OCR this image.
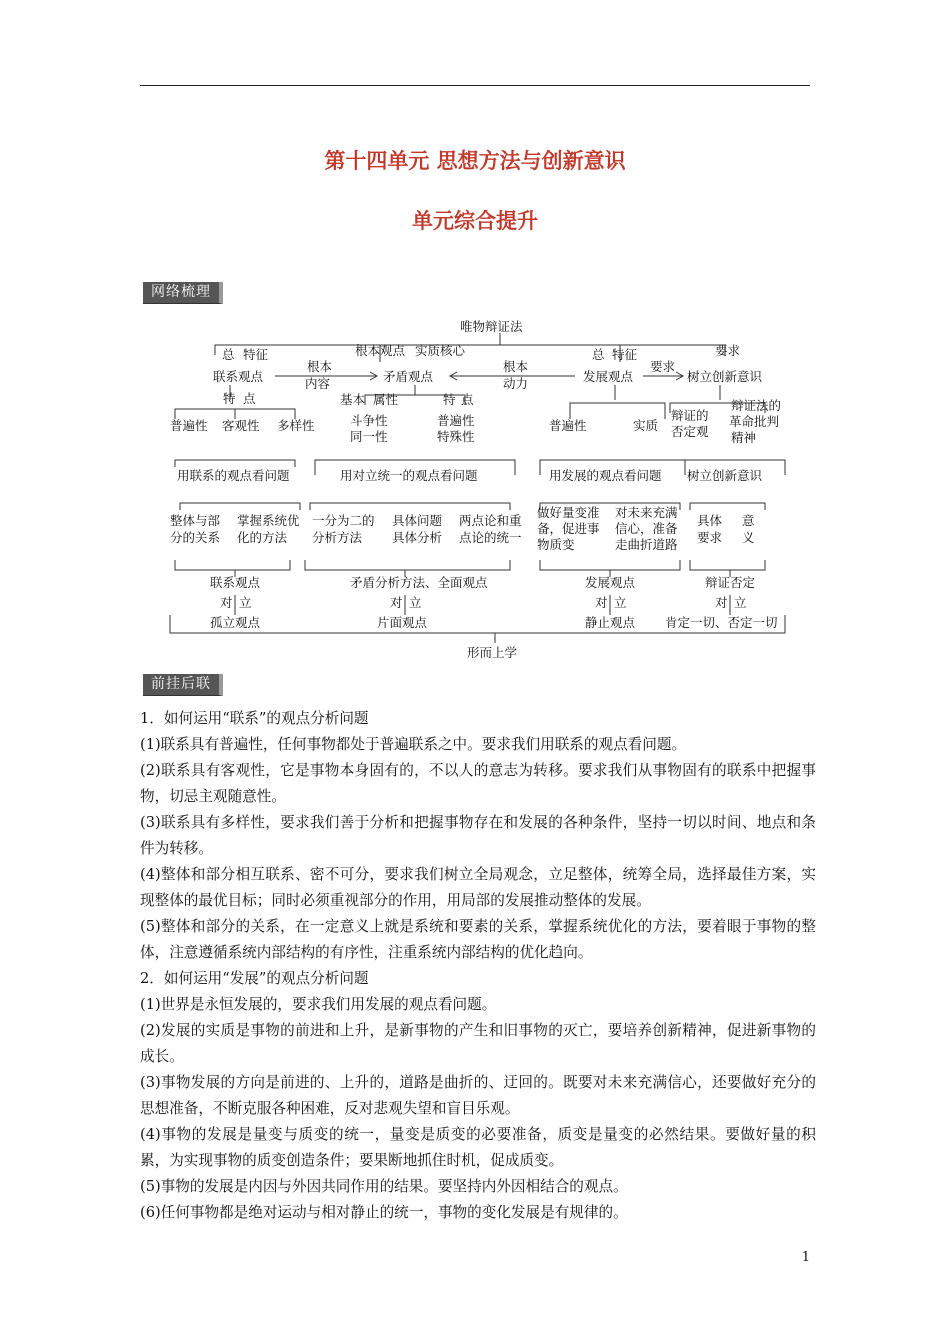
第十四单元 思想方法与创新意识
单元综合提升
网络梳理
唯物辩证法
总 特征	根本观点 实质核心	总 特征	要求
联系观点
根本
内容	矛盾观点
根本
动力	发展观点
要求
树立创新意识
特 点	基本 属性	特 点
普遍性 客观性 多样性	斗争性
同一性
普遍性
特殊性
普遍性	实质
辩证的
否定观
辩证法的
革命批判
精神
用联系的观点看问题	用对立统一的观点看问题	用发展的观点看问题 树立创新意识
整体与部
分的关系
掌握系统优
化的方法
一分为二的
分析方法
具体问题
具体分析
两点论和重
点论的统一
做好量变准
备，促进事
物质变
对未来充满
信心，准备
走曲折道路
具体
要求
意
义
联系观点	矛盾分析方法、全面观点	发展观点	辩证否定
对 立	对 立	对 立	对 立
孤立观点	片面观点	静止观点 肯定一切、否定一切
形而上学
前挂后联

1．如何运用“联系”的观点分析问题

(1)联系具有普遍性，任何事物都处于普遍联系之中。要求我们用联系的观点看问题。

(2)联系具有客观性，它是事物本身固有的，不以人的意志为转移。要求我们从事物固有的联系中把握事物，切忌主观随意性。

(3)联系具有多样性，要求我们善于分析和把握事物存在和发展的各种条件，坚持一切以时间、地点和条件为转移。

(4)整体和部分相互联系、密不可分，要求我们树立全局观念，立足整体，统筹全局，选择最佳方案，实现整体的最优目标；同时必须重视部分的作用，用局部的发展推动整体的发展。

(5)整体和部分的关系，在一定意义上就是系统和要素的关系，掌握系统优化的方法，要着眼于事物的整体，注意遵循系统内部结构的有序性，注重系统内部结构的优化趋向。

2．如何运用“发展”的观点分析问题

(1)世界是永恒发展的，要求我们用发展的观点看问题。

(2)发展的实质是事物的前进和上升，是新事物的产生和旧事物的灭亡，要培养创新精神，促进新事物的成长。

(3)事物发展的方向是前进的、上升的，道路是曲折的、迂回的。既要对未来充满信心，还要做好充分的思想准备，不断克服各种困难，反对悲观失望和盲目乐观。

(4)事物的发展是量变与质变的统一，量变是质变的必要准备，质变是量变的必然结果。要做好量的积累，为实现事物的质变创造条件；要果断地抓住时机，促成质变。

(5)事物的发展是内因与外因共同作用的结果。要坚持内外因相结合的观点。

(6)任何事物都是绝对运动与相对静止的统一，事物的变化发展是有规律的。

1
